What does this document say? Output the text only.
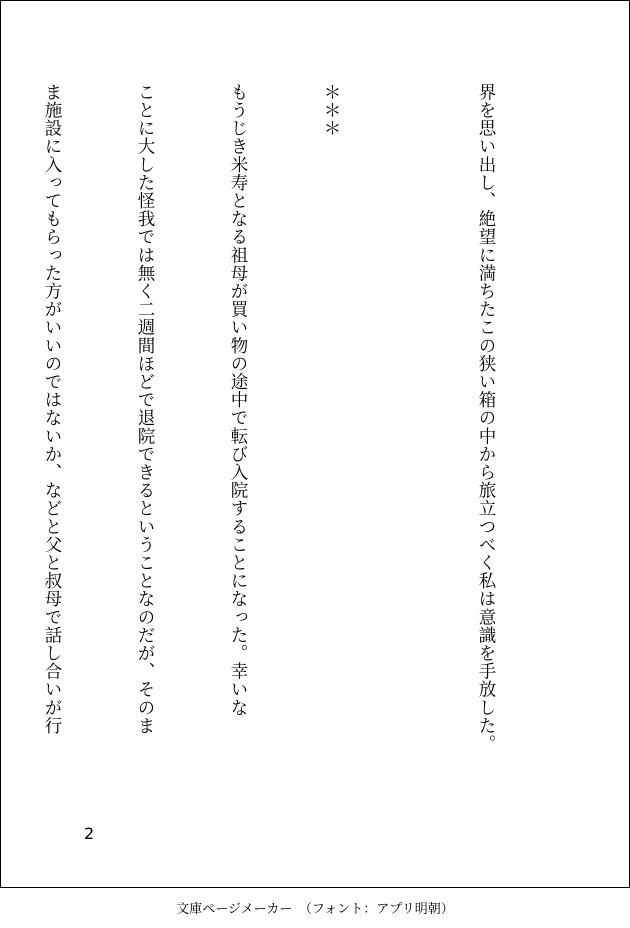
界を思い出し、絶望に満ちたこの狭い箱の中から旅立つべく私は意識を手放した。

＊＊＊

もうじき米寿となる祖母が買い物の途中で転び入院することになった。幸いな

ことに大した怪我では無く二週間ほどで退院できるということなのだが、そのま

ま施設に入ってもらった方がいいのではないか、などと父と叔母で話し合いが行

2
文庫ページメーカー　（フォント：アプリ明朝）
